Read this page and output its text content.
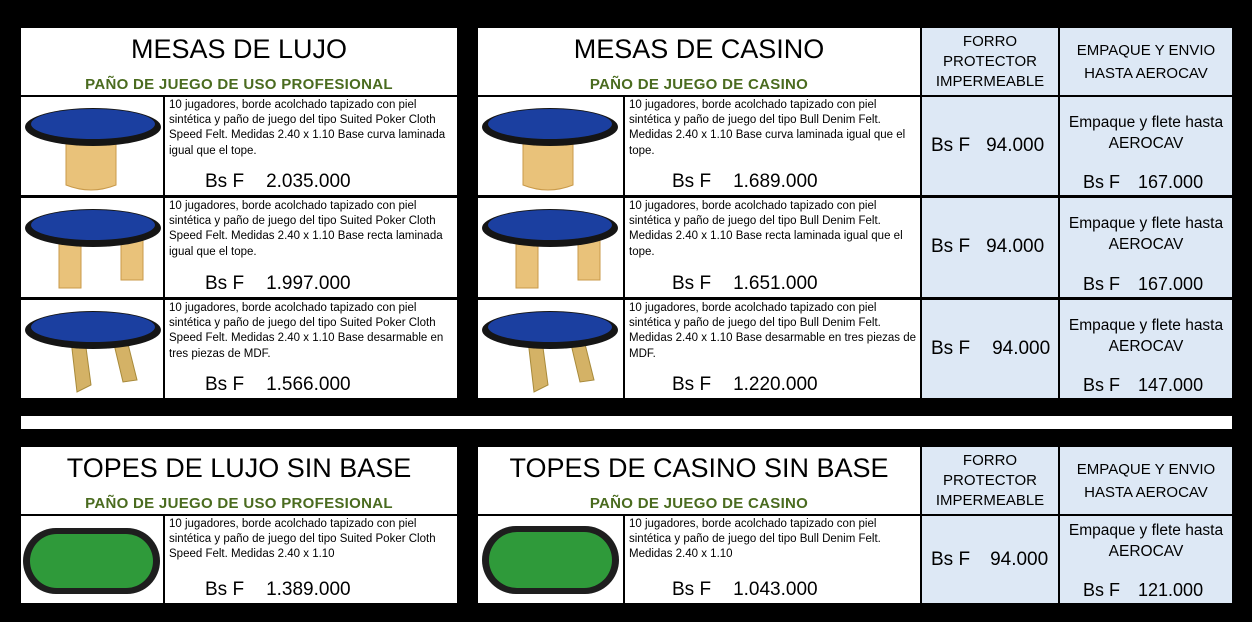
MESAS DE LUJO
PAÑO DE JUEGO DE USO PROFESIONAL
MESAS DE CASINO
PAÑO DE JUEGO DE CASINO
FORRO
PROTECTOR
IMPERMEABLE
EMPAQUE Y ENVIO
HASTA AEROCAV
10 jugadores, borde acolchado tapizado con piel sintética y paño de juego del tipo Suited Poker Cloth Speed Felt. Medidas 2.40 x 1.10 Base curva laminada igual que el tope.
Bs F 2.035.000
10 jugadores, borde acolchado tapizado con piel sintética y paño de juego del tipo Bull Denim Felt. Medidas 2.40 x 1.10 Base curva laminada igual que el tope.
Bs F 1.689.000
Bs F 94.000
Empaque y flete hasta
AEROCAV
Bs F 167.000
10 jugadores, borde acolchado tapizado con piel sintética y paño de juego del tipo Suited Poker Cloth Speed Felt. Medidas 2.40 x 1.10 Base recta laminada igual que el tope.
Bs F 1.997.000
10 jugadores, borde acolchado tapizado con piel sintética y paño de juego del tipo Bull Denim Felt. Medidas 2.40 x 1.10 Base recta laminada igual que el tope.
Bs F 1.651.000
Bs F 94.000
Empaque y flete hasta
AEROCAV
Bs F 167.000
10 jugadores, borde acolchado tapizado con piel sintética y paño de juego del tipo Suited Poker Cloth Speed Felt. Medidas 2.40 x 1.10 Base desarmable en tres piezas de MDF.
Bs F 1.566.000
10 jugadores, borde acolchado tapizado con piel sintética y paño de juego del tipo Bull Denim Felt. Medidas 2.40 x 1.10 Base desarmable en tres piezas de MDF.
Bs F 1.220.000
Bs F 94.000
Empaque y flete hasta
AEROCAV
Bs F 147.000
TOPES DE LUJO SIN BASE
PAÑO DE JUEGO DE USO PROFESIONAL
TOPES DE CASINO SIN BASE
PAÑO DE JUEGO DE CASINO
FORRO
PROTECTOR
IMPERMEABLE
EMPAQUE Y ENVIO
HASTA AEROCAV
10 jugadores, borde acolchado tapizado con piel sintética y paño de juego del tipo Suited Poker Cloth Speed Felt. Medidas 2.40 x 1.10
Bs F 1.389.000
10 jugadores, borde acolchado tapizado con piel sintética y paño de juego del tipo Bull Denim Felt. Medidas 2.40 x 1.10
Bs F 1.043.000
Bs F 94.000
Empaque y flete hasta
AEROCAV
Bs F 121.000
